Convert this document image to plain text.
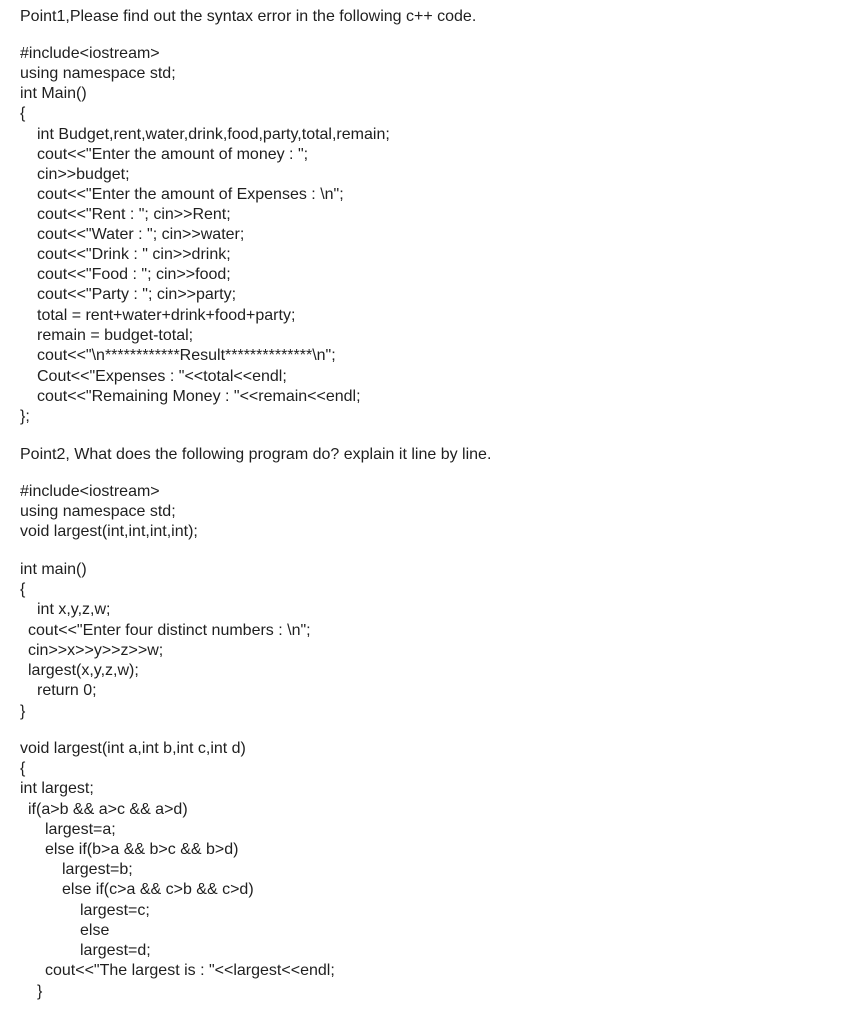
Point1,Please find out the syntax error in the following c++ code.
#include<iostream>
using namespace std;
int Main()
{
int Budget,rent,water,drink,food,party,total,remain;
cout<<"Enter the amount of money : ";
cin>>budget;
cout<<"Enter the amount of Expenses : \n";
cout<<"Rent : "; cin>>Rent;
cout<<"Water : "; cin>>water;
cout<<"Drink : " cin>>drink;
cout<<"Food : "; cin>>food;
cout<<"Party : "; cin>>party;
total = rent+water+drink+food+party;
remain = budget-total;
cout<<"\n************Result**************\n";
Cout<<"Expenses : "<<total<<endl;
cout<<"Remaining Money : "<<remain<<endl;
};
Point2, What does the following program do? explain it line by line.
#include<iostream>
using namespace std;
void largest(int,int,int,int);
int main()
{
int x,y,z,w;
cout<<"Enter four distinct numbers : \n";
cin>>x>>y>>z>>w;
largest(x,y,z,w);
return 0;
}
void largest(int a,int b,int c,int d)
{
int largest;
if(a>b && a>c && a>d)
largest=a;
else if(b>a && b>c && b>d)
largest=b;
else if(c>a && c>b && c>d)
largest=c;
else
largest=d;
cout<<"The largest is : "<<largest<<endl;
}
